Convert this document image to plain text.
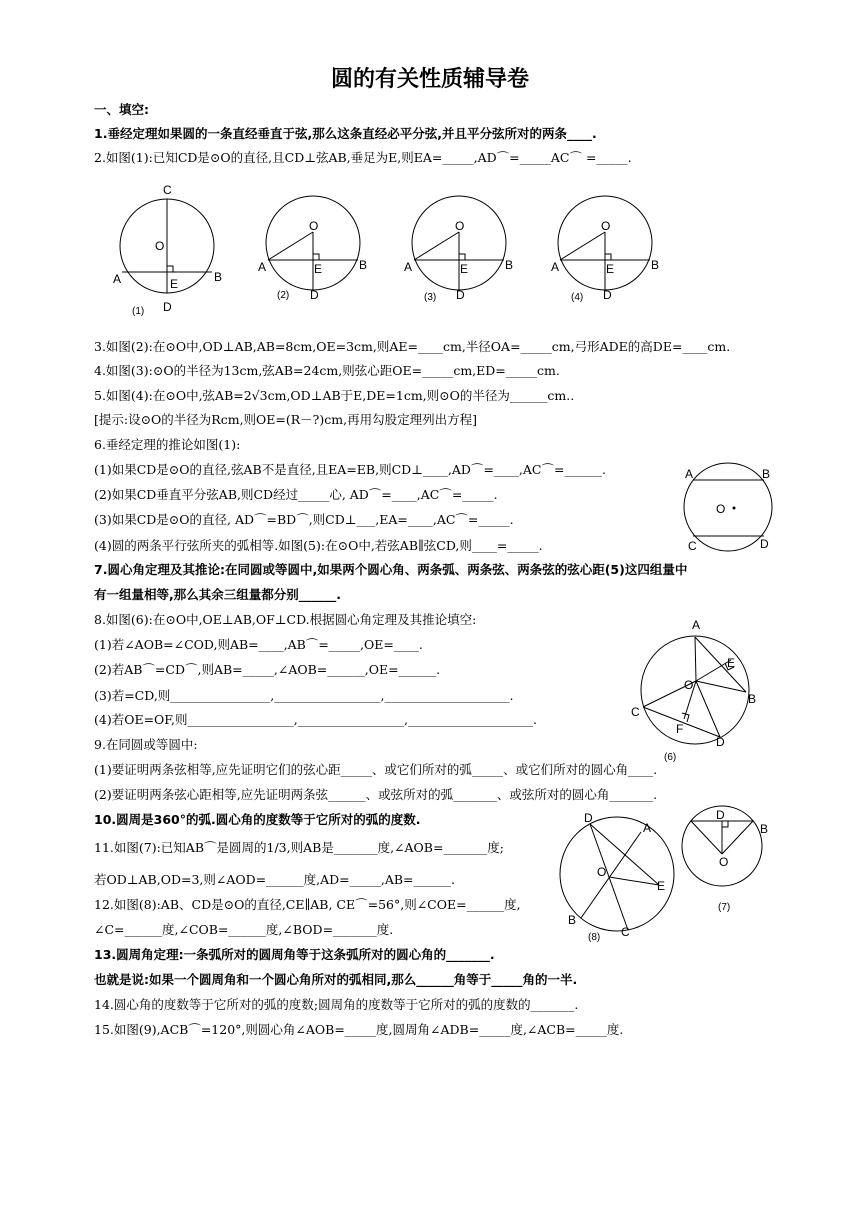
圆的有关性质辅导卷
一、填空:
1.垂经定理如果圆的一条直经垂直于弦,那么这条直经必平分弦,并且平分弦所对的两条____.
2.如图(1):已知CD是⊙O的直径,且CD⊥弦AB,垂足为E,则EA=_____,AD⌒=_____AC⌒ =_____.
3.如图(2):在⊙O中,OD⊥AB,AB=8cm,OE=3cm,则AE=____cm,半径OA=_____cm,弓形ADE的高DE=____cm.
4.如图(3):⊙O的半径为13cm,弦AB=24cm,则弦心距OE=_____cm,ED=_____cm.
5.如图(4):在⊙O中,弦AB=2√3cm,OD⊥AB于E,DE=1cm,则⊙O的半径为______cm..
[提示:设⊙O的半径为Rcm,则OE=(R－?)cm,再用勾股定理列出方程]
6.垂经定理的推论如图(1):
(1)如果CD是⊙O的直径,弦AB不是直径,且EA=EB,则CD⊥____,AD⌒=____,AC⌒=______.
(2)如果CD垂直平分弦AB,则CD经过_____心, AD⌒=____,AC⌒=_____.
(3)如果CD是⊙O的直径, AD⌒=BD⌒,则CD⊥___,EA=____,AC⌒=_____.
(4)圆的两条平行弦所夹的弧相等.如图(5):在⊙O中,若弦AB∥弦CD,则____=_____.
7.圆心角定理及其推论:在同圆或等圆中,如果两个圆心角、两条弧、两条弦、两条弦的弦心距(5)这四组量中
有一组量相等,那么其余三组量都分别______.
8.如图(6):在⊙O中,OE⊥AB,OF⊥CD.根据圆心角定理及其推论填空:
(1)若∠AOB=∠COD,则AB=____,AB⌒=_____,OE=____.
(2)若AB⌒=CD⌒,则AB=_____,∠AOB=______,OE=______.
(3)若=CD,则________________,_________________,____________________.
(4)若OE=OF,则_________________,_________________,____________________.
9.在同圆或等圆中:
(1)要证明两条弦相等,应先证明它们的弦心距_____、或它们所对的弧_____、或它们所对的圆心角____.
(2)要证明两条弦心距相等,应先证明两条弦______、或弦所对的弧_______、或弦所对的圆心角_______.
10.圆周是360°的弧.圆心角的度数等于它所对的弧的度数.
11.如图(7):已知AB⌒是圆周的1/3,则AB是_______度,∠AOB=_______度;
若OD⊥AB,OD=3,则∠AOD=______度,AD=_____,AB=______.
12.如图(8):AB、CD是⊙O的直径,CE∥AB, CE⌒=56°,则∠COE=______度,
∠C=______度,∠COB=______度,∠BOD=_______度.
13.圆周角定理:一条弧所对的圆周角等于这条弧所对的圆心角的_______.
也就是说:如果一个圆周角和一个圆心角所对的弧相同,那么______角等于_____角的一半.
14.圆心角的度数等于它所对的弧的度数;圆周角的度数等于它所对的弧的度数的_______.
15.如图(9),ACB⌒=120°,则圆心角∠AOB=_____度,圆周角∠ADB=_____度,∠ACB=_____度.
C
O
A	B
E
D
(1)
O
A	B
E
D
(2)
O
A	B
E
D
(3)
O
A	B
E
D
(4)
A	B
O
C	D
A
E
O
B
C
F
D
(6)
D
A
O
E
B
C
(8)
D
B
O
(7)
